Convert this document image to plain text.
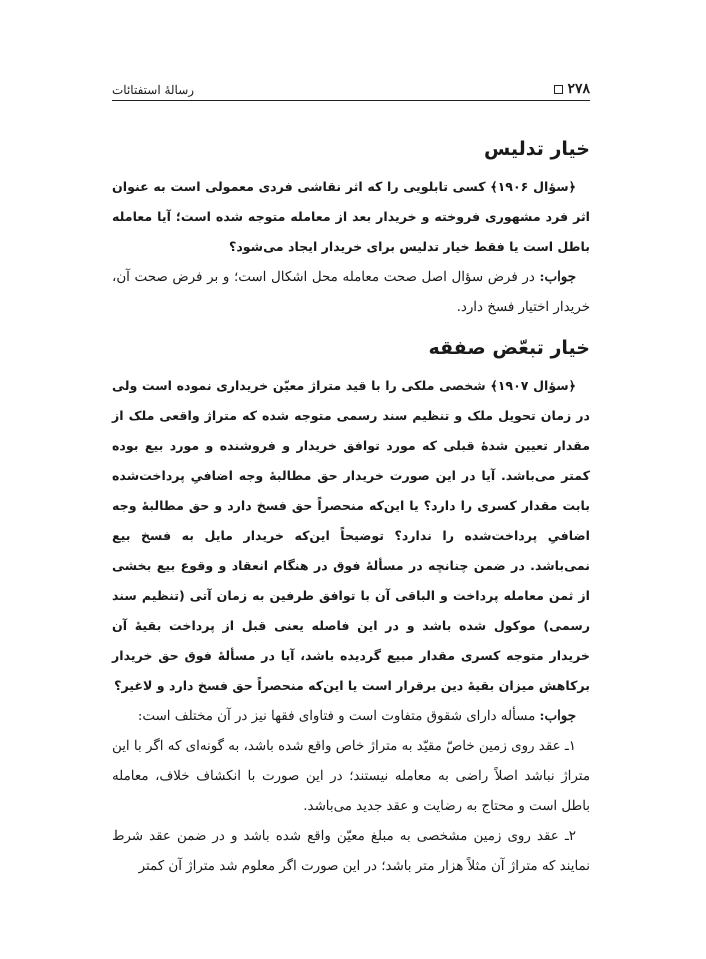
۲۷۸
رسالهٔ استفتائات
خیار تدلیس

﴿سؤال ۱۹۰۶﴾ کسی تابلویی را که اثر نقاشی فردی معمولی است به عنوان اثر فرد مشهوری فروخته و خریدار بعد از معامله متوجه شده است؛ آیا معامله باطل است یا فقط خیار تدلیس برای خریدار ایجاد می‌شود؟

جواب: در فرض سؤال اصل صحت معامله محل اشکال است؛ و بر فرض صحت آن، خریدار اختیار فسخ دارد.

خیار تبعّض صفقه

﴿سؤال ۱۹۰۷﴾ شخصی ملکی را با قید متراژ معیّن خریداری نموده است ولی در زمان تحویل ملک و تنظیم سند رسمی متوجه شده که متراژ واقعی ملک از مقدار تعیین شدهٔ قبلی که مورد توافق خریدار و فروشنده و مورد بیع بوده کمتر می‌باشد. آیا در این صورت خریدار حق مطالبهٔ وجه اضافیِ پرداخت‌شده بابت مقدار کسری را دارد؟ یا این‌که منحصراً حق فسخ دارد و حق مطالبهٔ وجه اضافیِ پرداخت‌شده را ندارد؟ توضیحاً این‌که خریدار مایل به فسخ بیع نمی‌باشد. در ضمن چنانچه در مسألهٔ فوق در هنگام انعقاد و وقوع بیع بخشی از ثمن معامله پرداخت و الباقی آن با توافق طرفین به زمان آتی (تنظیم سند رسمی) موکول شده باشد و در این فاصله یعنی قبل از پرداخت بقیهٔ آن خریدار متوجه کسری مقدار مبیع گردیده باشد، آیا در مسألهٔ فوق حق خریدار برکاهش میزان بقیهٔ دین برقرار است یا این‌که منحصراً حق فسخ دارد و لاغیر؟

جواب: مسأله دارای شقوق متفاوت است و فتاوای فقها نیز در آن مختلف است:

۱ـ عقد روی زمین خاصّ مقیّد به متراژ خاص واقع شده باشد، به گونه‌ای که اگر با این متراژ نباشد اصلاً راضی به معامله نیستند؛ در این صورت با انکشاف خلاف، معامله باطل است و محتاج به رضایت و عقد جدید می‌باشد.

۲ـ عقد روی زمین مشخصی به مبلغ معیّن واقع شده باشد و در ضمن عقد شرط نمایند که متراژ آن مثلاً هزار متر باشد؛ در این صورت اگر معلوم شد متراژ آن کمتر
